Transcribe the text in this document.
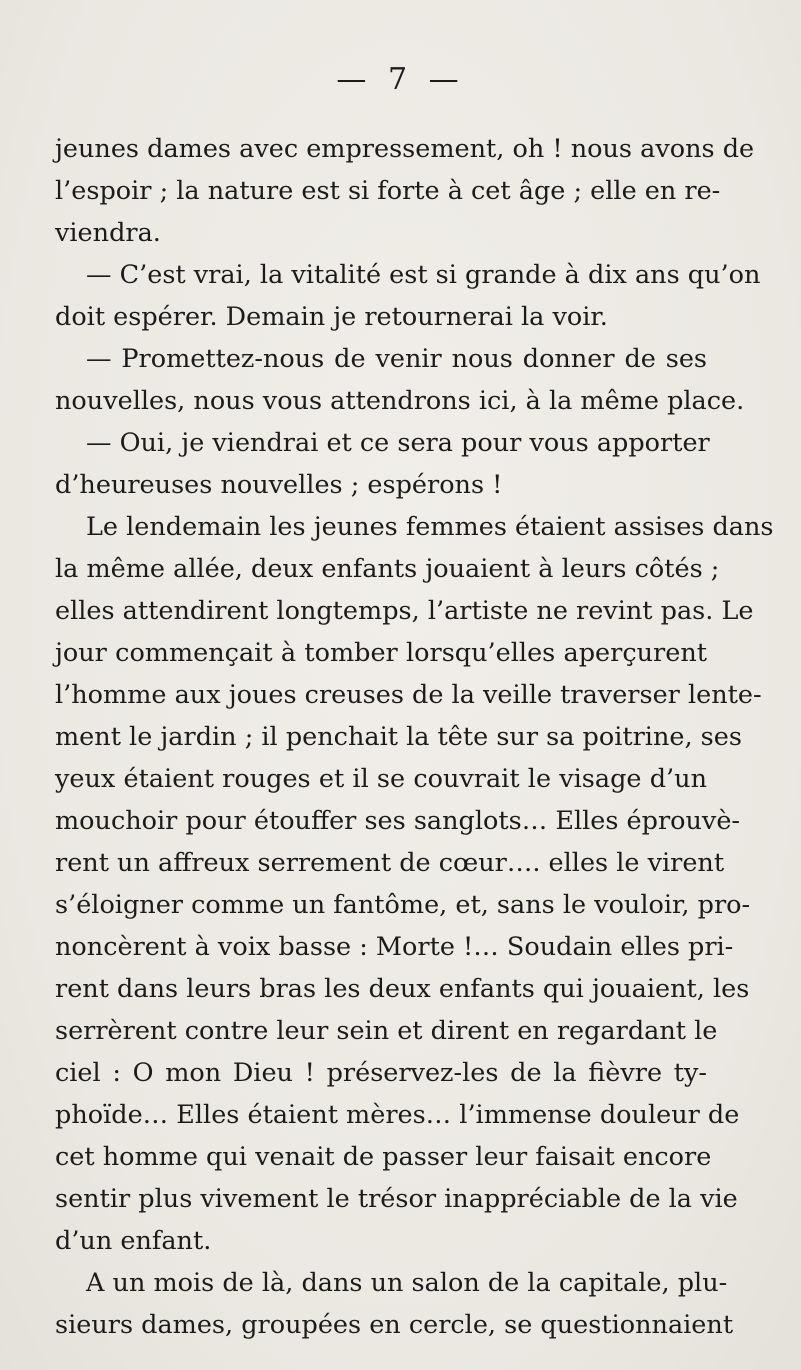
— 7 —
jeunes dames avec empressement, oh ! nous avons de
l’espoir ; la nature est si forte à cet âge ; elle en re-
viendra.
— C’est vrai, la vitalité est si grande à dix ans qu’on
doit espérer. Demain je retournerai la voir.
— Promettez-nous de venir nous donner de ses
nouvelles, nous vous attendrons ici, à la même place.
— Oui, je viendrai et ce sera pour vous apporter
d’heureuses nouvelles ; espérons !
Le lendemain les jeunes femmes étaient assises dans
la même allée, deux enfants jouaient à leurs côtés ;
elles attendirent longtemps, l’artiste ne revint pas. Le
jour commençait à tomber lorsqu’elles aperçurent
l’homme aux joues creuses de la veille traverser lente-
ment le jardin ; il penchait la tête sur sa poitrine, ses
yeux étaient rouges et il se couvrait le visage d’un
mouchoir pour étouffer ses sanglots… Elles éprouvè-
rent un affreux serrement de cœur…. elles le virent
s’éloigner comme un fantôme, et, sans le vouloir, pro-
noncèrent à voix basse : Morte !… Soudain elles pri-
rent dans leurs bras les deux enfants qui jouaient, les
serrèrent contre leur sein et dirent en regardant le
ciel : O mon Dieu ! préservez-les de la fièvre ty-
phoïde… Elles étaient mères… l’immense douleur de
cet homme qui venait de passer leur faisait encore
sentir plus vivement le trésor inappréciable de la vie
d’un enfant.
A un mois de là, dans un salon de la capitale, plu-
sieurs dames, groupées en cercle, se questionnaient
